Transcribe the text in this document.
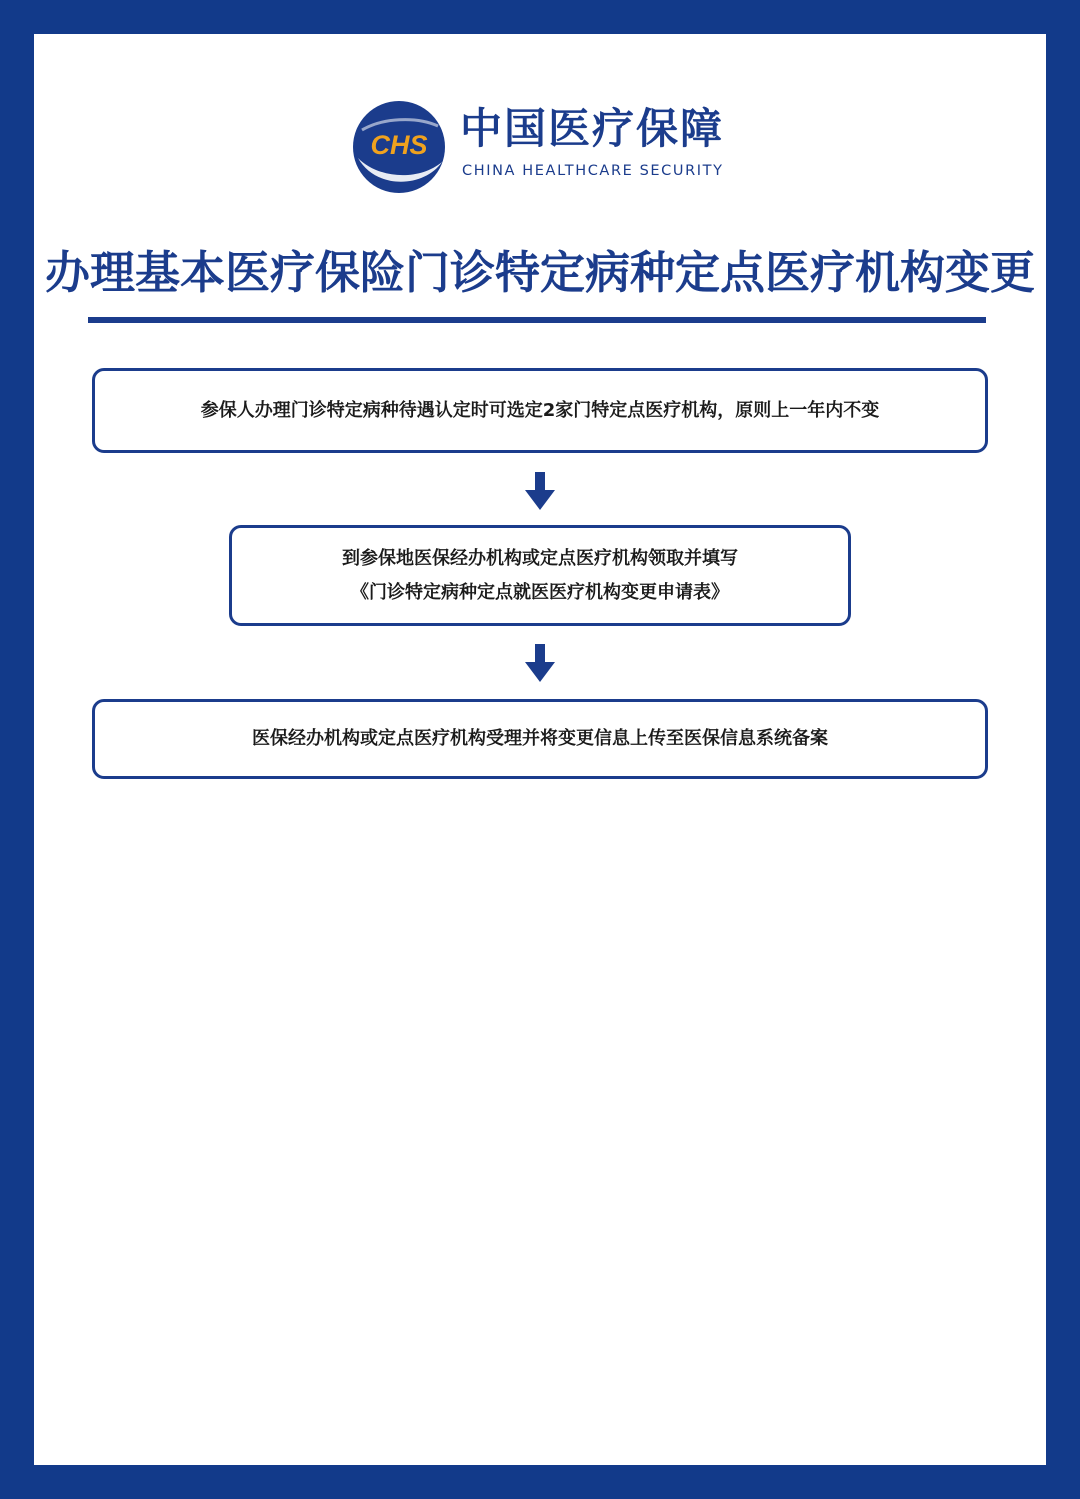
CHS 中国医疗保障
CHINA HEALTHCARE SECURITY
办理基本医疗保险门诊特定病种定点医疗机构变更
参保人办理门诊特定病种待遇认定时可选定2家门特定点医疗机构，原则上一年内不变
到参保地医保经办机构或定点医疗机构领取并填写
《门诊特定病种定点就医医疗机构变更申请表》
医保经办机构或定点医疗机构受理并将变更信息上传至医保信息系统备案
